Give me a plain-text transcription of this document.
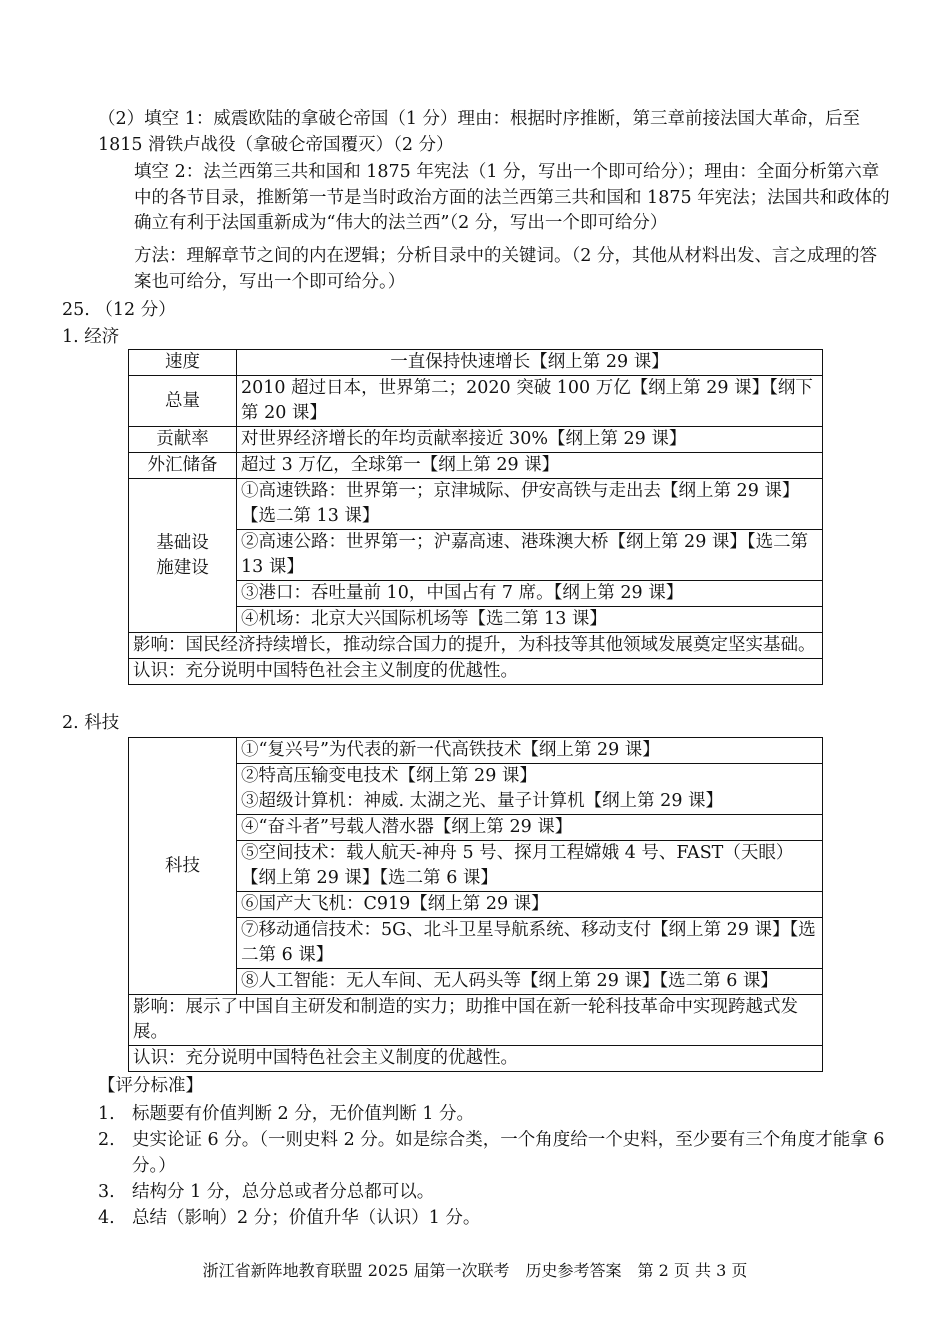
（2）填空 1：威震欧陆的拿破仑帝国（1 分）理由：根据时序推断，第三章前接法国大革命，后至 1815 滑铁卢战役（拿破仑帝国覆灭）（2 分）
填空 2：法兰西第三共和国和 1875 年宪法（1 分，写出一个即可给分）；理由：全面分析第六章中的各节目录，推断第一节是当时政治方面的法兰西第三共和国和 1875 年宪法；法国共和政体的确立有利于法国重新成为“伟大的法兰西”（2 分，写出一个即可给分）
方法：理解章节之间的内在逻辑；分析目录中的关键词。（2 分，其他从材料出发、言之成理的答案也可给分，写出一个即可给分。）
25. （12 分）
1. 经济
速度	一直保持快速增长【纲上第 29 课】
总量	2010 超过日本，世界第二；2020 突破 100 万亿【纲上第 29 课】【纲下第 20 课】
贡献率	对世界经济增长的年均贡献率接近 30%【纲上第 29 课】
外汇储备	超过 3 万亿，全球第一【纲上第 29 课】
基础设施建设	①高速铁路：世界第一；京津城际、伊安高铁与走出去【纲上第 29 课】【选二第 13 课】
	②高速公路：世界第一；沪嘉高速、港珠澳大桥【纲上第 29 课】【选二第 13 课】
	③港口：吞吐量前 10，中国占有 7 席。【纲上第 29 课】
	④机场：北京大兴国际机场等【选二第 13 课】
影响：国民经济持续增长，推动综合国力的提升，为科技等其他领域发展奠定坚实基础。	
认识：充分说明中国特色社会主义制度的优越性。	
2. 科技
科技	①“复兴号”为代表的新一代高铁技术【纲上第 29 课】
②特高压输变电技术【纲上第 29 课】
③超级计算机：神威. 太湖之光、量子计算机【纲上第 29 课】
④“奋斗者”号载人潜水器【纲上第 29 课】
⑤空间技术：载人航天-神舟 5 号、探月工程嫦娥 4 号、FAST（天眼）【纲上第 29 课】【选二第 6 课】
⑥国产大飞机：C919【纲上第 29 课】
⑦移动通信技术：5G、北斗卫星导航系统、移动支付【纲上第 29 课】【选二第 6 课】
⑧人工智能：无人车间、无人码头等【纲上第 29 课】【选二第 6 课】
影响：展示了中国自主研发和制造的实力；助推中国在新一轮科技革命中实现跨越式发展。
认识：充分说明中国特色社会主义制度的优越性。
【评分标准】
1. 标题要有价值判断 2 分，无价值判断 1 分。
2. 史实论证 6 分。（一则史料 2 分。如是综合类，一个角度给一个史料，至少要有三个角度才能拿 6 分。）
3. 结构分 1 分，总分总或者分总都可以。
4. 总结（影响）2 分；价值升华（认识）1 分。
浙江省新阵地教育联盟 2025 届第一次联考　历史参考答案　第 2 页 共 3 页
